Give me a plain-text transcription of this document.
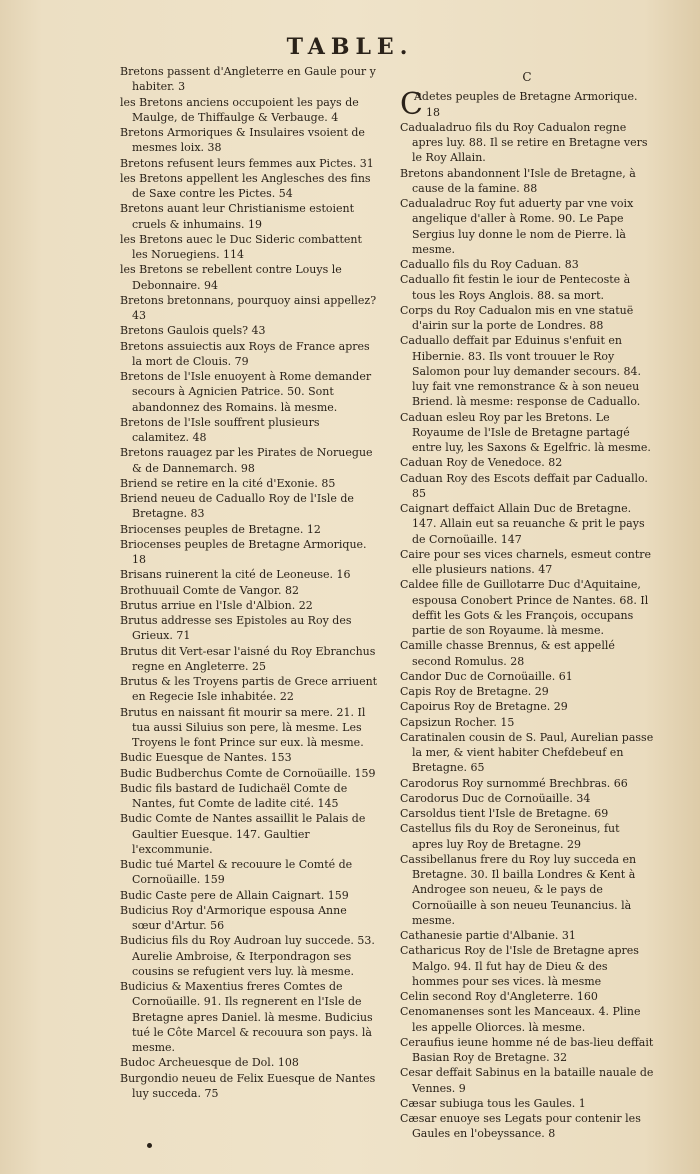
TABLE.

Bretons passent d'Angleterre en Gaule pour y habiter. 3

les Bretons anciens occupoient les pays de Maulge, de Thiffaulge & Verbauge. 4

Bretons Armoriques & Insulaires vsoient de mesmes loix. 38

Bretons refusent leurs femmes aux Pictes. 31

les Bretons appellent les Anglesches des fins de Saxe contre les Pictes. 54

Bretons auant leur Christianisme estoient cruels & inhumains. 19

les Bretons auec le Duc Sideric combattent les Noruegiens. 114

les Bretons se rebellent contre Louys le Debonnaire. 94

Bretons bretonnans, pourquoy ainsi appellez? 43

Bretons Gaulois quels? 43

Bretons assuiectis aux Roys de France apres la mort de Clouis. 79

Bretons de l'Isle enuoyent à Rome demander secours à Agnicien Patrice. 50. Sont abandonnez des Romains. là mesme.

Bretons de l'Isle souffrent plusieurs calamitez. 48

Bretons rauagez par les Pirates de Noruegue & de Dannemarch. 98

Briend se retire en la cité d'Exonie. 85

Briend neueu de Caduallo Roy de l'Isle de Bretagne. 83

Briocenses peuples de Bretagne. 12

Briocenses peuples de Bretagne Armorique. 18

Brisans ruinerent la cité de Leoneuse. 16

Brothuuail Comte de Vangor. 82

Brutus arriue en l'Isle d'Albion. 22

Brutus addresse ses Epistoles au Roy des Grieux. 71

Brutus dit Vert-esar l'aisné du Roy Ebranchus regne en Angleterre. 25

Brutus & les Troyens partis de Grece arriuent en Regecie Isle inhabitée. 22

Brutus en naissant fit mourir sa mere. 21. Il tua aussi Siluius son pere, là mesme. Les Troyens le font Prince sur eux. là mesme.

Budic Euesque de Nantes. 153

Budic Budberchus Comte de Cornoüaille. 159

Budic fils bastard de Iudichaël Comte de Nantes, fut Comte de ladite cité. 145

Budic Comte de Nantes assaillit le Palais de Gaultier Euesque. 147. Gaultier l'excommunie.

Budic tué Martel & recouure le Comté de Cornoüaille. 159

Budic Caste pere de Allain Caignart. 159

Budicius Roy d'Armorique espousa Anne sœur d'Artur. 56

Budicius fils du Roy Audroan luy succede. 53. Aurelie Ambroise, & Iterpondragon ses cousins se refugient vers luy. là mesme.

Budicius & Maxentius freres Comtes de Cornoüaille. 91. Ils regnerent en l'Isle de Bretagne apres Daniel. là mesme. Budicius tué le Côte Marcel & recouura son pays. là mesme.

Budoc Archeuesque de Dol. 108

Burgondio neueu de Felix Euesque de Nantes luy succeda. 75

C

C
Adetes peuples de Bretagne Armorique. 18

Cadualadruo fils du Roy Cadualon regne apres luy. 88. Il se retire en Bretagne vers le Roy Allain.

Bretons abandonnent l'Isle de Bretagne, à cause de la famine. 88

Cadualadruc Roy fut aduerty par vne voix angelique d'aller à Rome. 90. Le Pape Sergius luy donne le nom de Pierre. là mesme.

Caduallo fils du Roy Caduan. 83

Caduallo fit festin le iour de Pentecoste à tous les Roys Anglois. 88. sa mort.

Corps du Roy Cadualon mis en vne statuë d'airin sur la porte de Londres. 88

Caduallo deffait par Eduinus s'enfuit en Hibernie. 83. Ils vont trouuer le Roy Salomon pour luy demander secours. 84. luy fait vne remonstrance & à son neueu Briend. là mesme: response de Caduallo.

Caduan esleu Roy par les Bretons. Le Royaume de l'Isle de Bretagne partagé entre luy, les Saxons & Egelfric. là mesme.

Caduan Roy de Venedoce. 82

Caduan Roy des Escots deffait par Caduallo. 85

Caignart deffaict Allain Duc de Bretagne. 147. Allain eut sa reuanche & prit le pays de Cornoüaille. 147

Caire pour ses vices charnels, esmeut contre elle plusieurs nations. 47

Caldee fille de Guillotarre Duc d'Aquitaine, espousa Conobert Prince de Nantes. 68. Il deffit les Gots & les François, occupans partie de son Royaume. là mesme.

Camille chasse Brennus, & est appellé second Romulus. 28

Candor Duc de Cornoüaille. 61

Capis Roy de Bretagne. 29

Capoirus Roy de Bretagne. 29

Capsizun Rocher. 15

Caratinalen cousin de S. Paul, Aurelian passe la mer, & vient habiter Chefdebeuf en Bretagne. 65

Carodorus Roy surnommé Brechbras. 66

Carodorus Duc de Cornoüaille. 34

Carsoldus tient l'Isle de Bretagne. 69

Castellus fils du Roy de Seroneinus, fut apres luy Roy de Bretagne. 29

Cassibellanus frere du Roy luy succeda en Bretagne. 30. Il bailla Londres & Kent à Androgee son neueu, & le pays de Cornoüaille à son neueu Teunancius. là mesme.

Cathanesie partie d'Albanie. 31

Catharicus Roy de l'Isle de Bretagne apres Malgo. 94. Il fut hay de Dieu & des hommes pour ses vices. là mesme

Celin second Roy d'Angleterre. 160

Cenomanenses sont les Manceaux. 4. Pline les appelle Oliorces. là mesme.

Ceraufius ieune homme né de bas-lieu deffait Basian Roy de Bretagne. 32

Cesar deffait Sabinus en la bataille nauale de Vennes. 9

Cæsar subiuga tous les Gaules. 1

Cæsar enuoye ses Legats pour contenir les Gaules en l'obeyssance. 8
